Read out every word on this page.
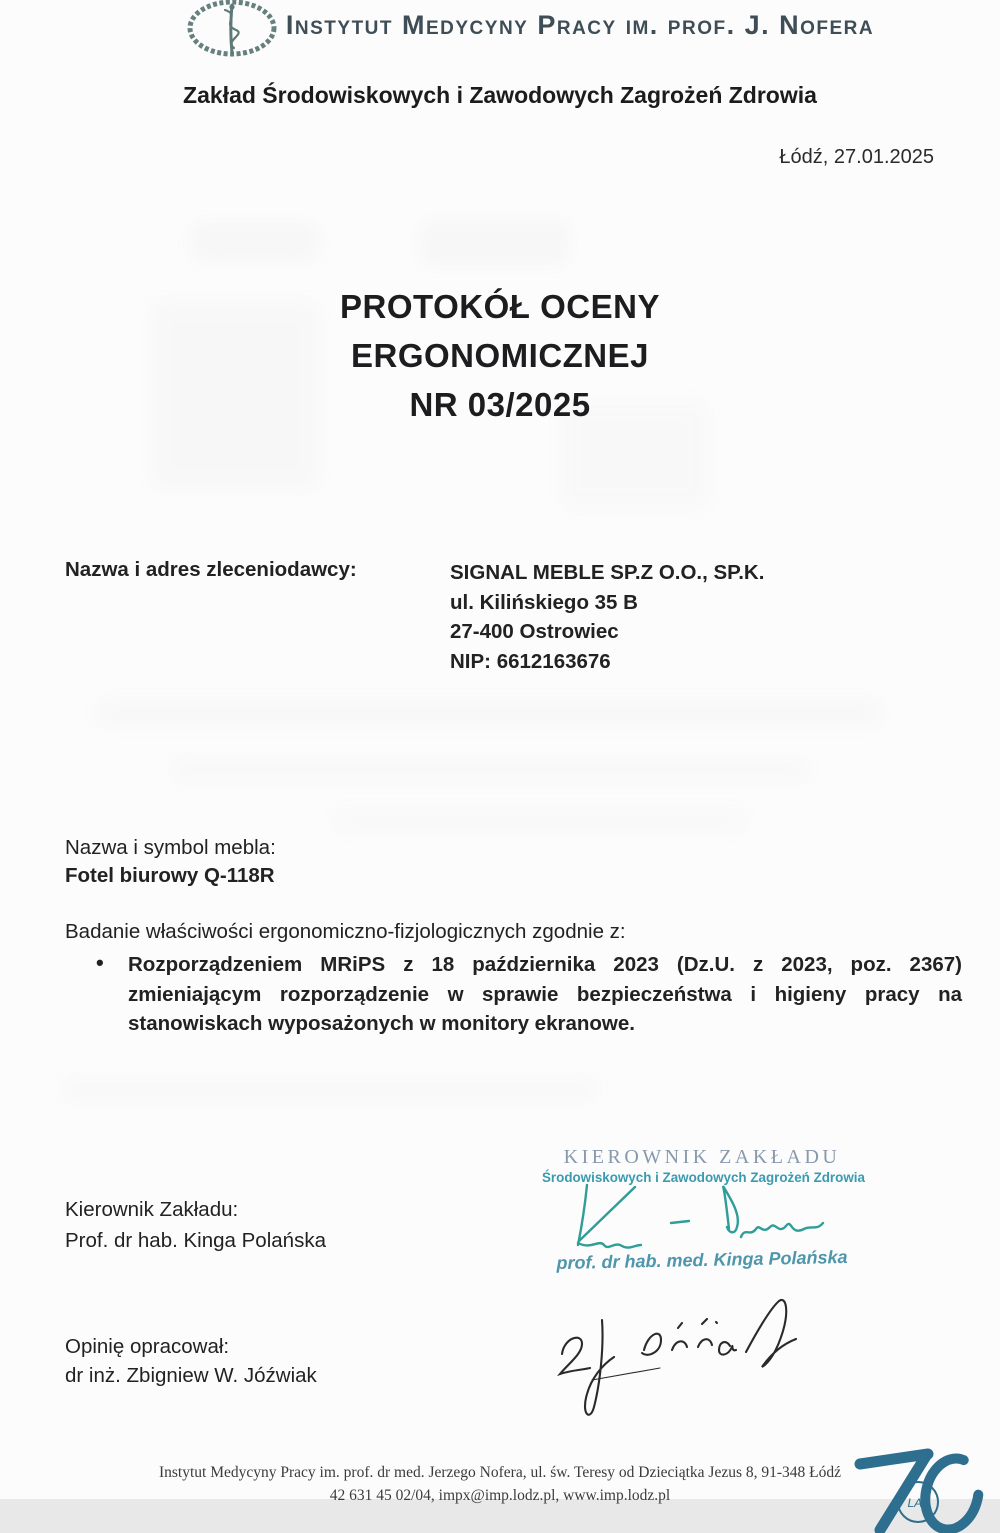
Instytut Medycyny Pracy im. prof. J. Nofera
Zakład Środowiskowych i Zawodowych Zagrożeń Zdrowia
Łódź, 27.01.2025
PROTOKÓŁ OCENY
ERGONOMICZNEJ
NR 03/2025
Nazwa i adres zleceniodawcy:	SIGNAL MEBLE SP.Z O.O., SP.K.
ul. Kilińskiego 35 B
27-400 Ostrowiec
NIP: 6612163676
Nazwa i symbol mebla:
Fotel biurowy Q-118R
Badanie właściwości ergonomiczno-fizjologicznych zgodnie z:
• Rozporządzeniem MRiPS z 18 października 2023 (Dz.U. z 2023, poz. 2367) zmieniającym rozporządzenie w sprawie bezpieczeństwa i higieny pracy na stanowiskach wyposażonych w monitory ekranowe.
Kierownik Zakładu:
Prof. dr hab. Kinga Polańska
KIEROWNIK ZAKŁADU
Środowiskowych i Zawodowych Zagrożeń Zdrowia
prof. dr hab. med. Kinga Polańska
Opinię opracował:
dr inż. Zbigniew W. Jóźwiak
Instytut Medycyny Pracy im. prof. dr med. Jerzego Nofera, ul. św. Teresy od Dzieciątka Jezus 8, 91-348 Łódź
42 631 45 02/04, impx@imp.lodz.pl, www.imp.lodz.pl	LAT
